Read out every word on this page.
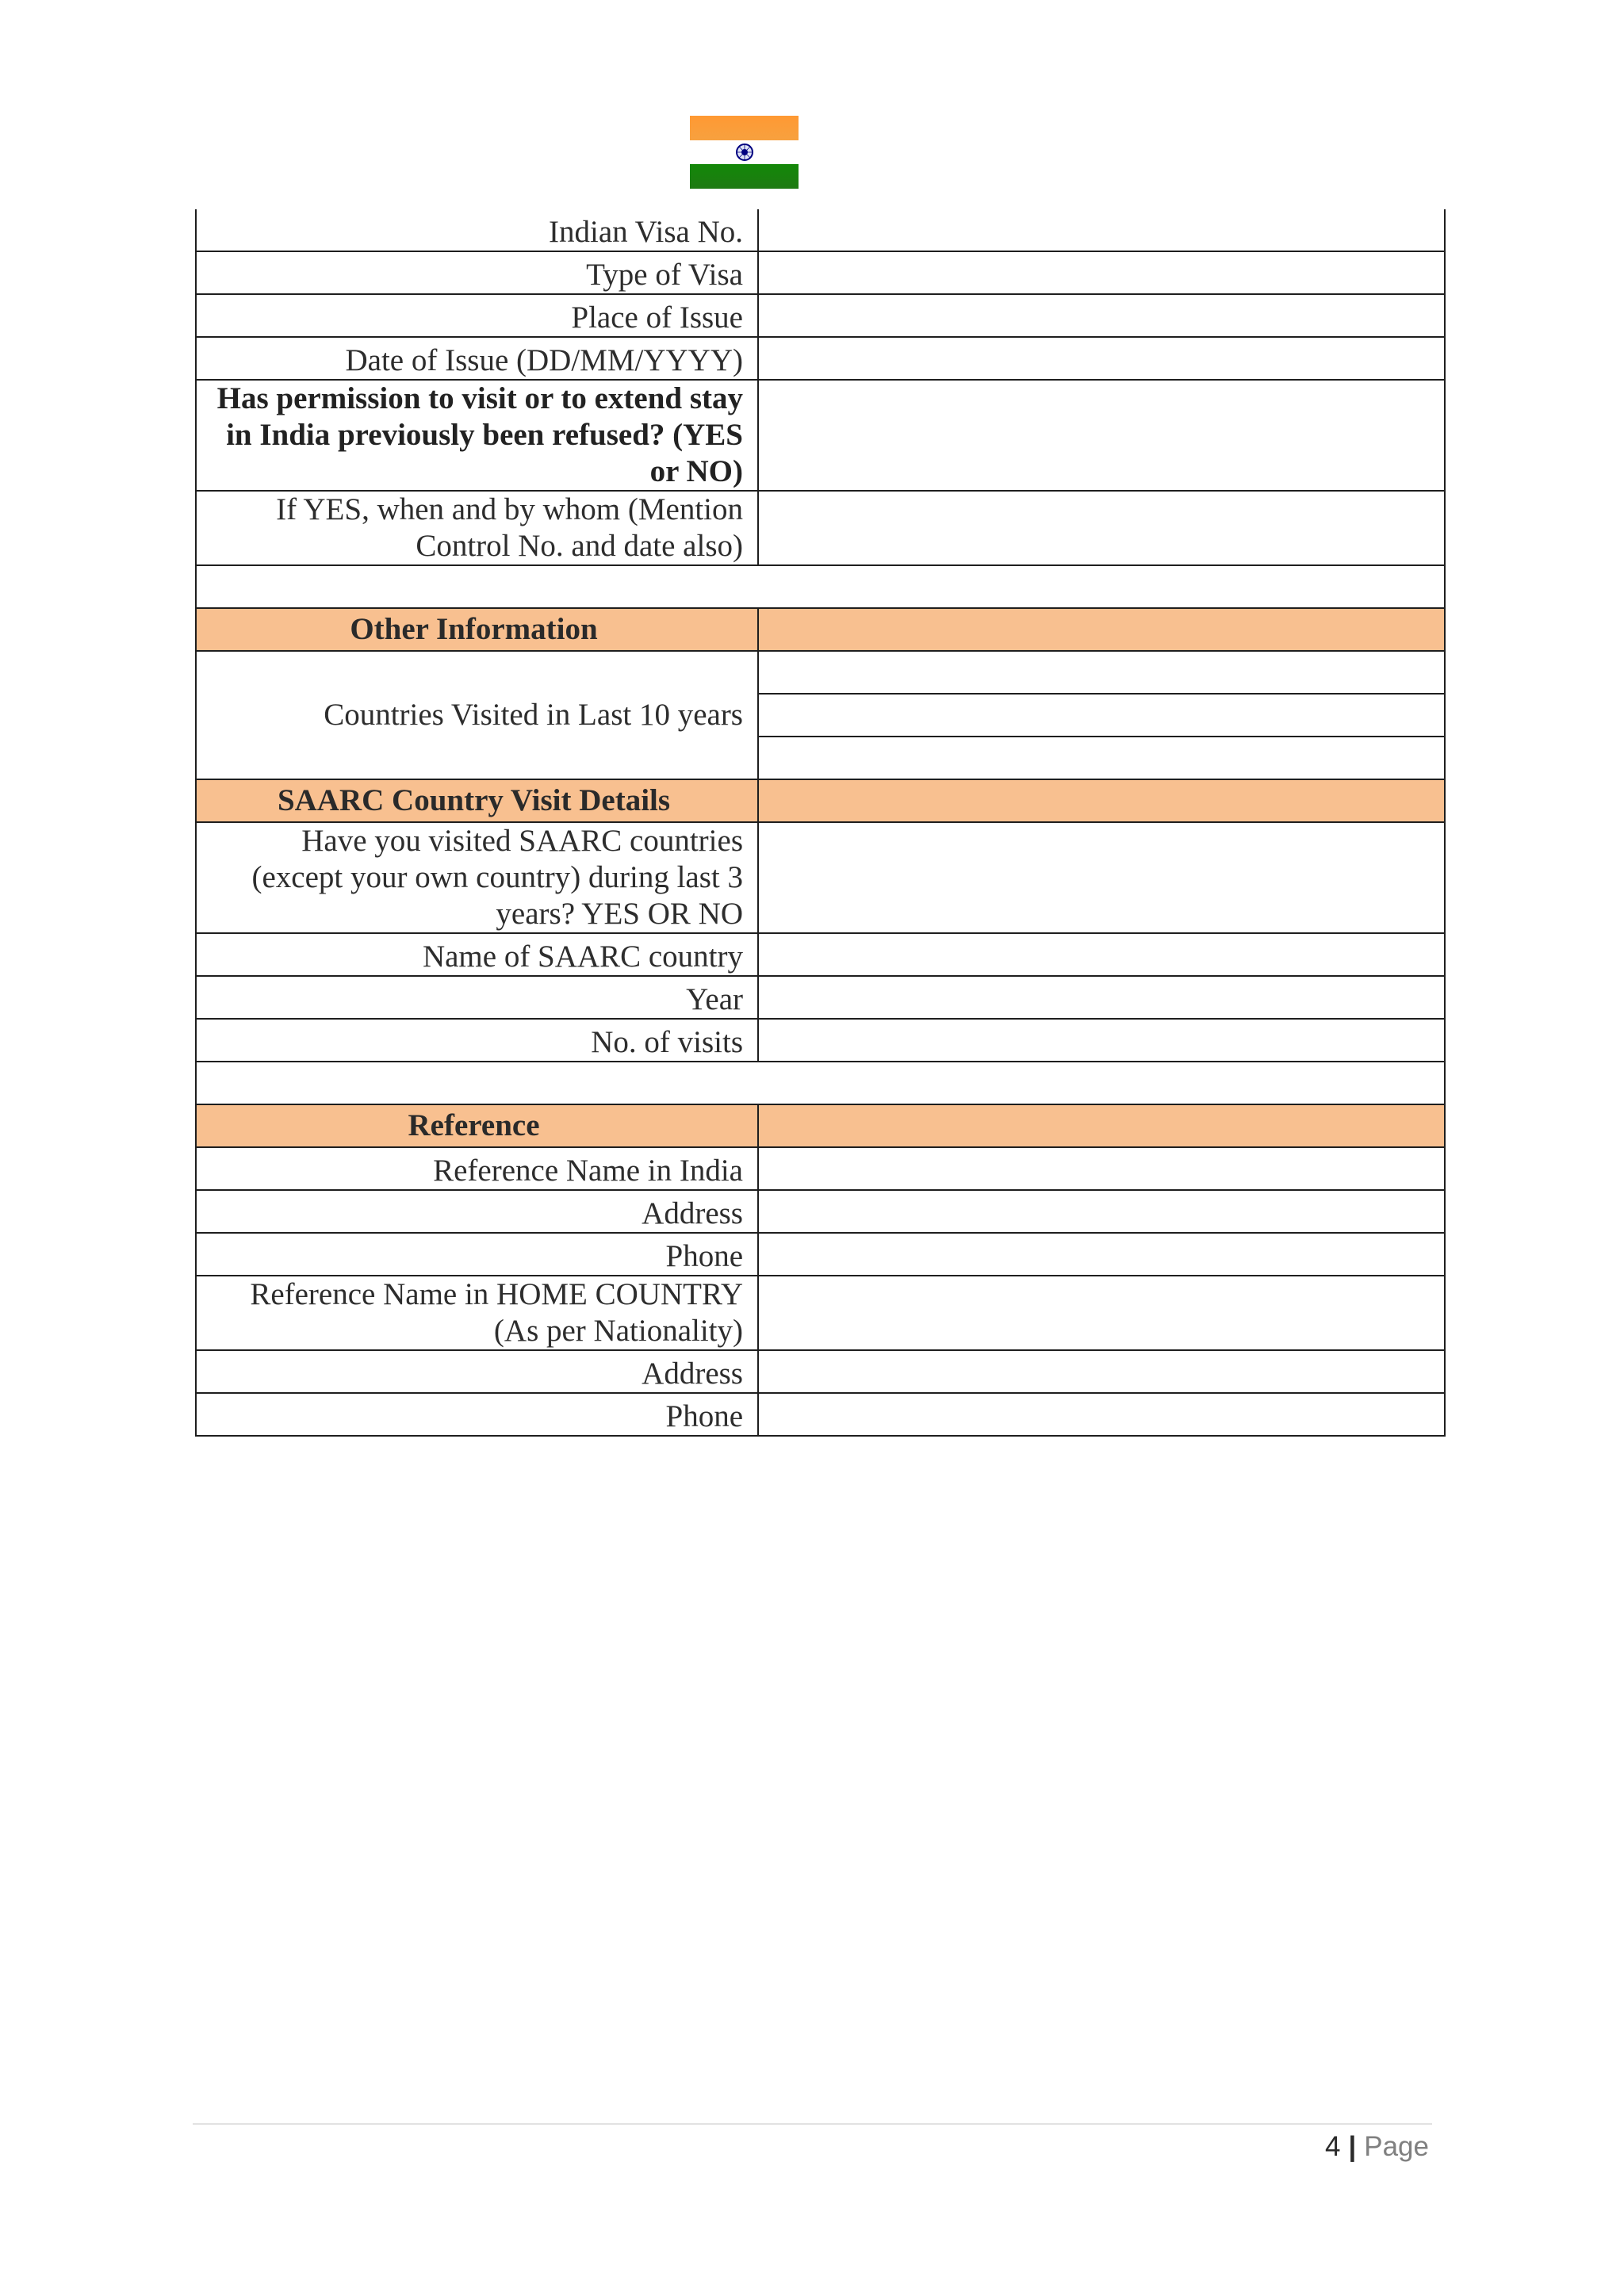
Indian Visa No.	
Type of Visa	
Place of Issue	
Date of Issue (DD/MM/YYYY)	
Has permission to visit or to extend stay in India previously been refused? (YES or NO)	
If YES, when and by whom (Mention Control No. and date also)	

Other Information	
Countries Visited in Last 10 years	

SAARC Country Visit Details	
Have you visited SAARC countries (except your own country) during last 3 years? YES OR NO	
Name of SAARC country	
Year	
No. of visits	

Reference	
Reference Name in India	
Address	
Phone	
Reference Name in HOME COUNTRY (As per Nationality)	
Address	
Phone	
4 | Page
